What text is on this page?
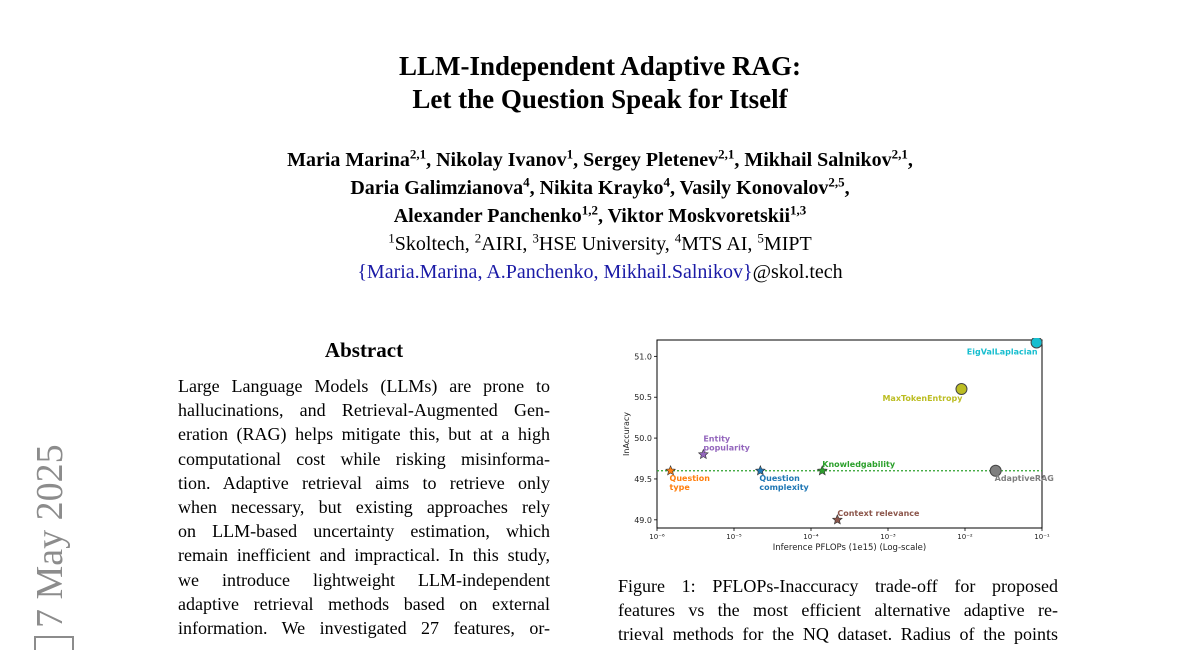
7 May 2025
LLM-Independent Adaptive RAG:
Let the Question Speak for Itself
Maria Marina$^{2,1}$, Nikolay Ivanov$^1$, Sergey Pletenev$^{2,1}$, Mikhail Salnikov$^{2,1}$,
Daria Galimzianova$^4$, Nikita Krayko$^4$, Vasily Konovalov$^{2,5}$,
Alexander Panchenko$^{1,2}$, Viktor Moskvoretskii$^{1,3}$
$^1$Skoltech, $^2$AIRI, $^3$HSE University, $^4$MTS AI, $^5$MIPT
{Maria.Marina, A.Panchenko, Mikhail.Salnikov}@skol.tech
Abstract
Large Language Models (LLMs) are prone to
hallucinations, and Retrieval-Augmented Gen-
eration (RAG) helps mitigate this, but at a high
computational cost while risking misinforma-
tion. Adaptive retrieval aims to retrieve only
when necessary, but existing approaches rely
on LLM-based uncertainty estimation, which
remain inefficient and impractical. In this study,
we introduce lightweight LLM-independent
adaptive retrieval methods based on external
information. We investigated 27 features, or-
49.0
49.5
50.0
50.5
51.0
10⁻⁶	10⁻⁵	10⁻⁴	10⁻³	10⁻²	10⁻¹
Inference PFLOPs (1e15) (Log-scale)
InAccuracy
EigValLaplacian
MaxTokenEntropy
AdaptiveRAG
Entity
popularity
Question
type
Question
complexity
Knowledgability
Context relevance
Figure 1: PFLOPs-Inaccuracy trade-off for proposed
features vs the most efficient alternative adaptive re-
trieval methods for the NQ dataset. Radius of the points
